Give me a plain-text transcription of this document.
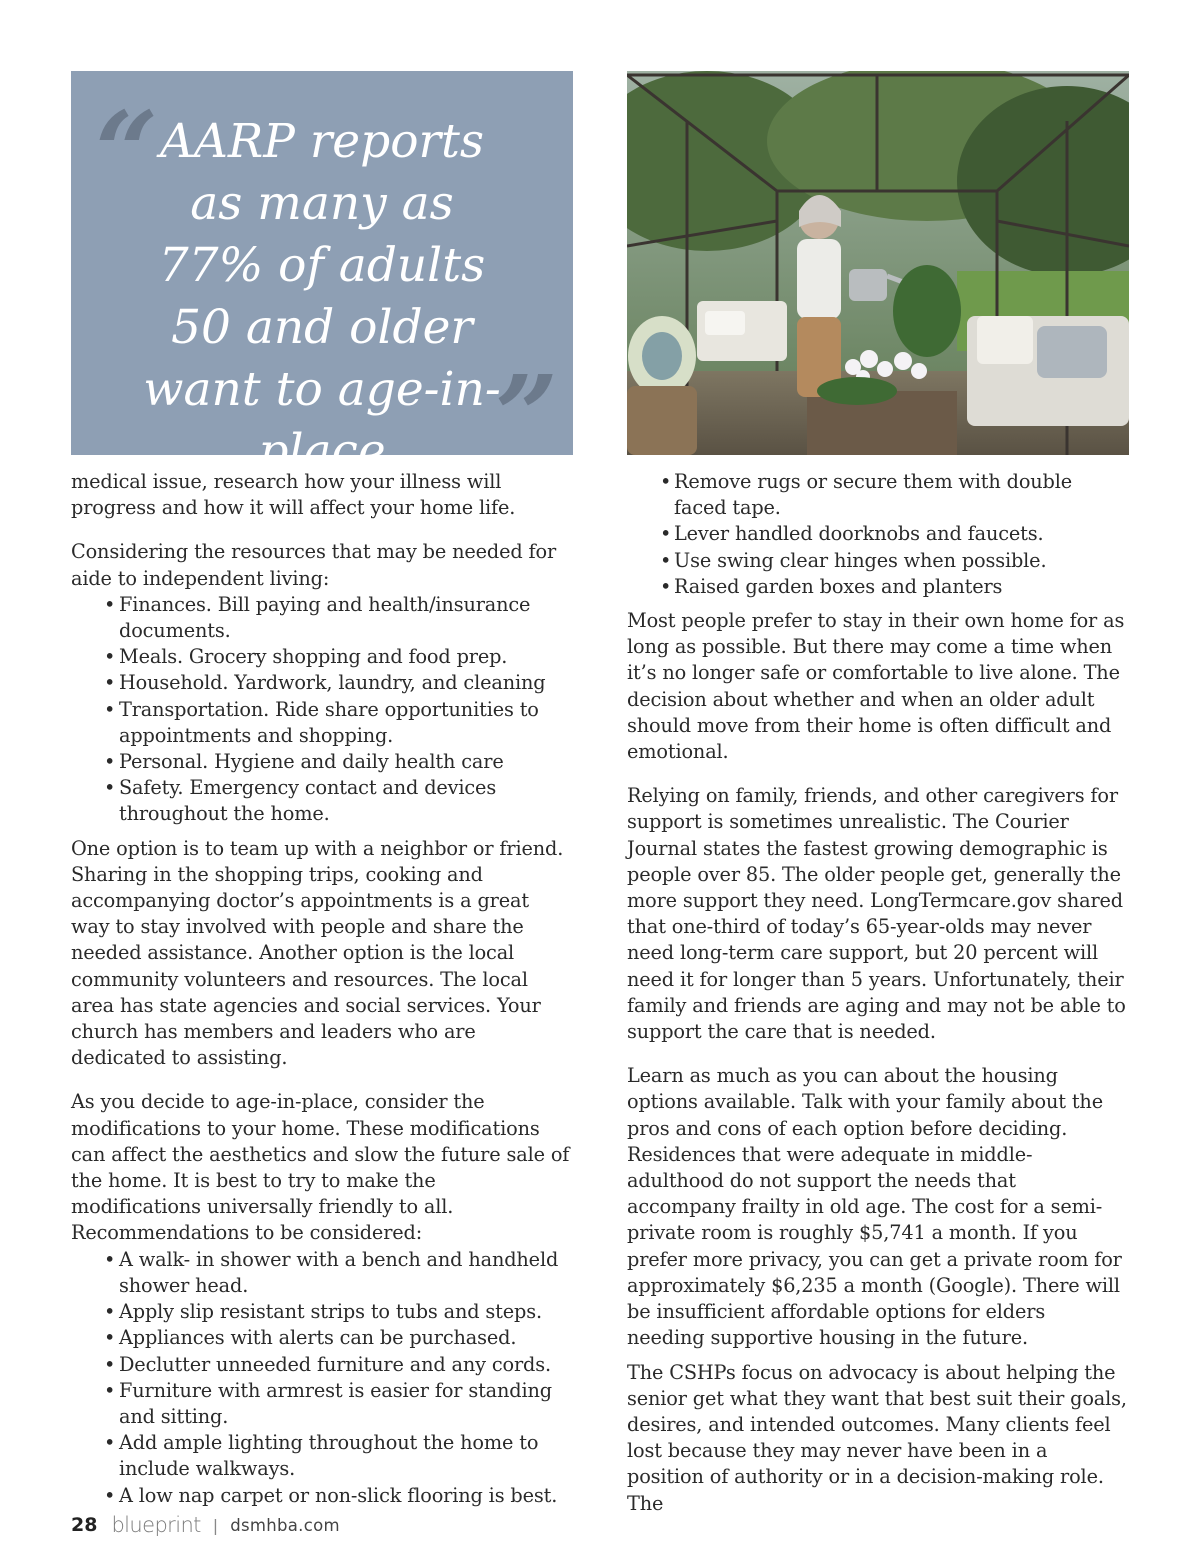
“ AARP reports as many as 77% of adults 50 and older want to age-in-place ”

medical issue, research how your illness will progress and how it will affect your home life.

Considering the resources that may be needed for aide to independent living:

• Finances. Bill paying and health/insurance documents.
• Meals. Grocery shopping and food prep.
• Household. Yardwork, laundry, and cleaning
• Transportation. Ride share opportunities to appointments and shopping.
• Personal. Hygiene and daily health care
• Safety. Emergency contact and devices throughout the home.

One option is to team up with a neighbor or friend. Sharing in the shopping trips, cooking and accompanying doctor’s appointments is a great way to stay involved with people and share the needed assistance. Another option is the local community volunteers and resources. The local area has state agencies and social services. Your church has members and leaders who are dedicated to assisting.

As you decide to age-in-place, consider the modifications to your home. These modifications can affect the aesthetics and slow the future sale of the home. It is best to try to make the modifications universally friendly to all. Recommendations to be considered:

• A walk- in shower with a bench and handheld shower head.
• Apply slip resistant strips to tubs and steps.
• Appliances with alerts can be purchased.
• Declutter unneeded furniture and any cords.
• Furniture with armrest is easier for standing and sitting.
• Add ample lighting throughout the home to include walkways.
• A low nap carpet or non-slick flooring is best.
• Remove rugs or secure them with double faced tape.
• Lever handled doorknobs and faucets.
• Use swing clear hinges when possible.
• Raised garden boxes and planters

Most people prefer to stay in their own home for as long as possible. But there may come a time when it’s no longer safe or comfortable to live alone. The decision about whether and when an older adult should move from their home is often difficult and emotional.

Relying on family, friends, and other caregivers for support is sometimes unrealistic. The Courier Journal states the fastest growing demographic is people over 85. The older people get, generally the more support they need. LongTermcare.gov shared that one-third of today’s 65-year-olds may never need long-term care support, but 20 percent will need it for longer than 5 years. Unfortunately, their family and friends are aging and may not be able to support the care that is needed.

Learn as much as you can about the housing options available. Talk with your family about the pros and cons of each option before deciding. Residences that were adequate in middle-adulthood do not support the needs that accompany frailty in old age. The cost for a semi-private room is roughly $5,741 a month. If you prefer more privacy, you can get a private room for approximately $6,235 a month (Google). There will be insufficient affordable options for elders needing supportive housing in the future.

The CSHPs focus on advocacy is about helping the senior get what they want that best suit their goals, desires, and intended outcomes. Many clients feel lost because they may never have been in a position of authority or in a decision-making role. The

28 blueprint | dsmhba.com
